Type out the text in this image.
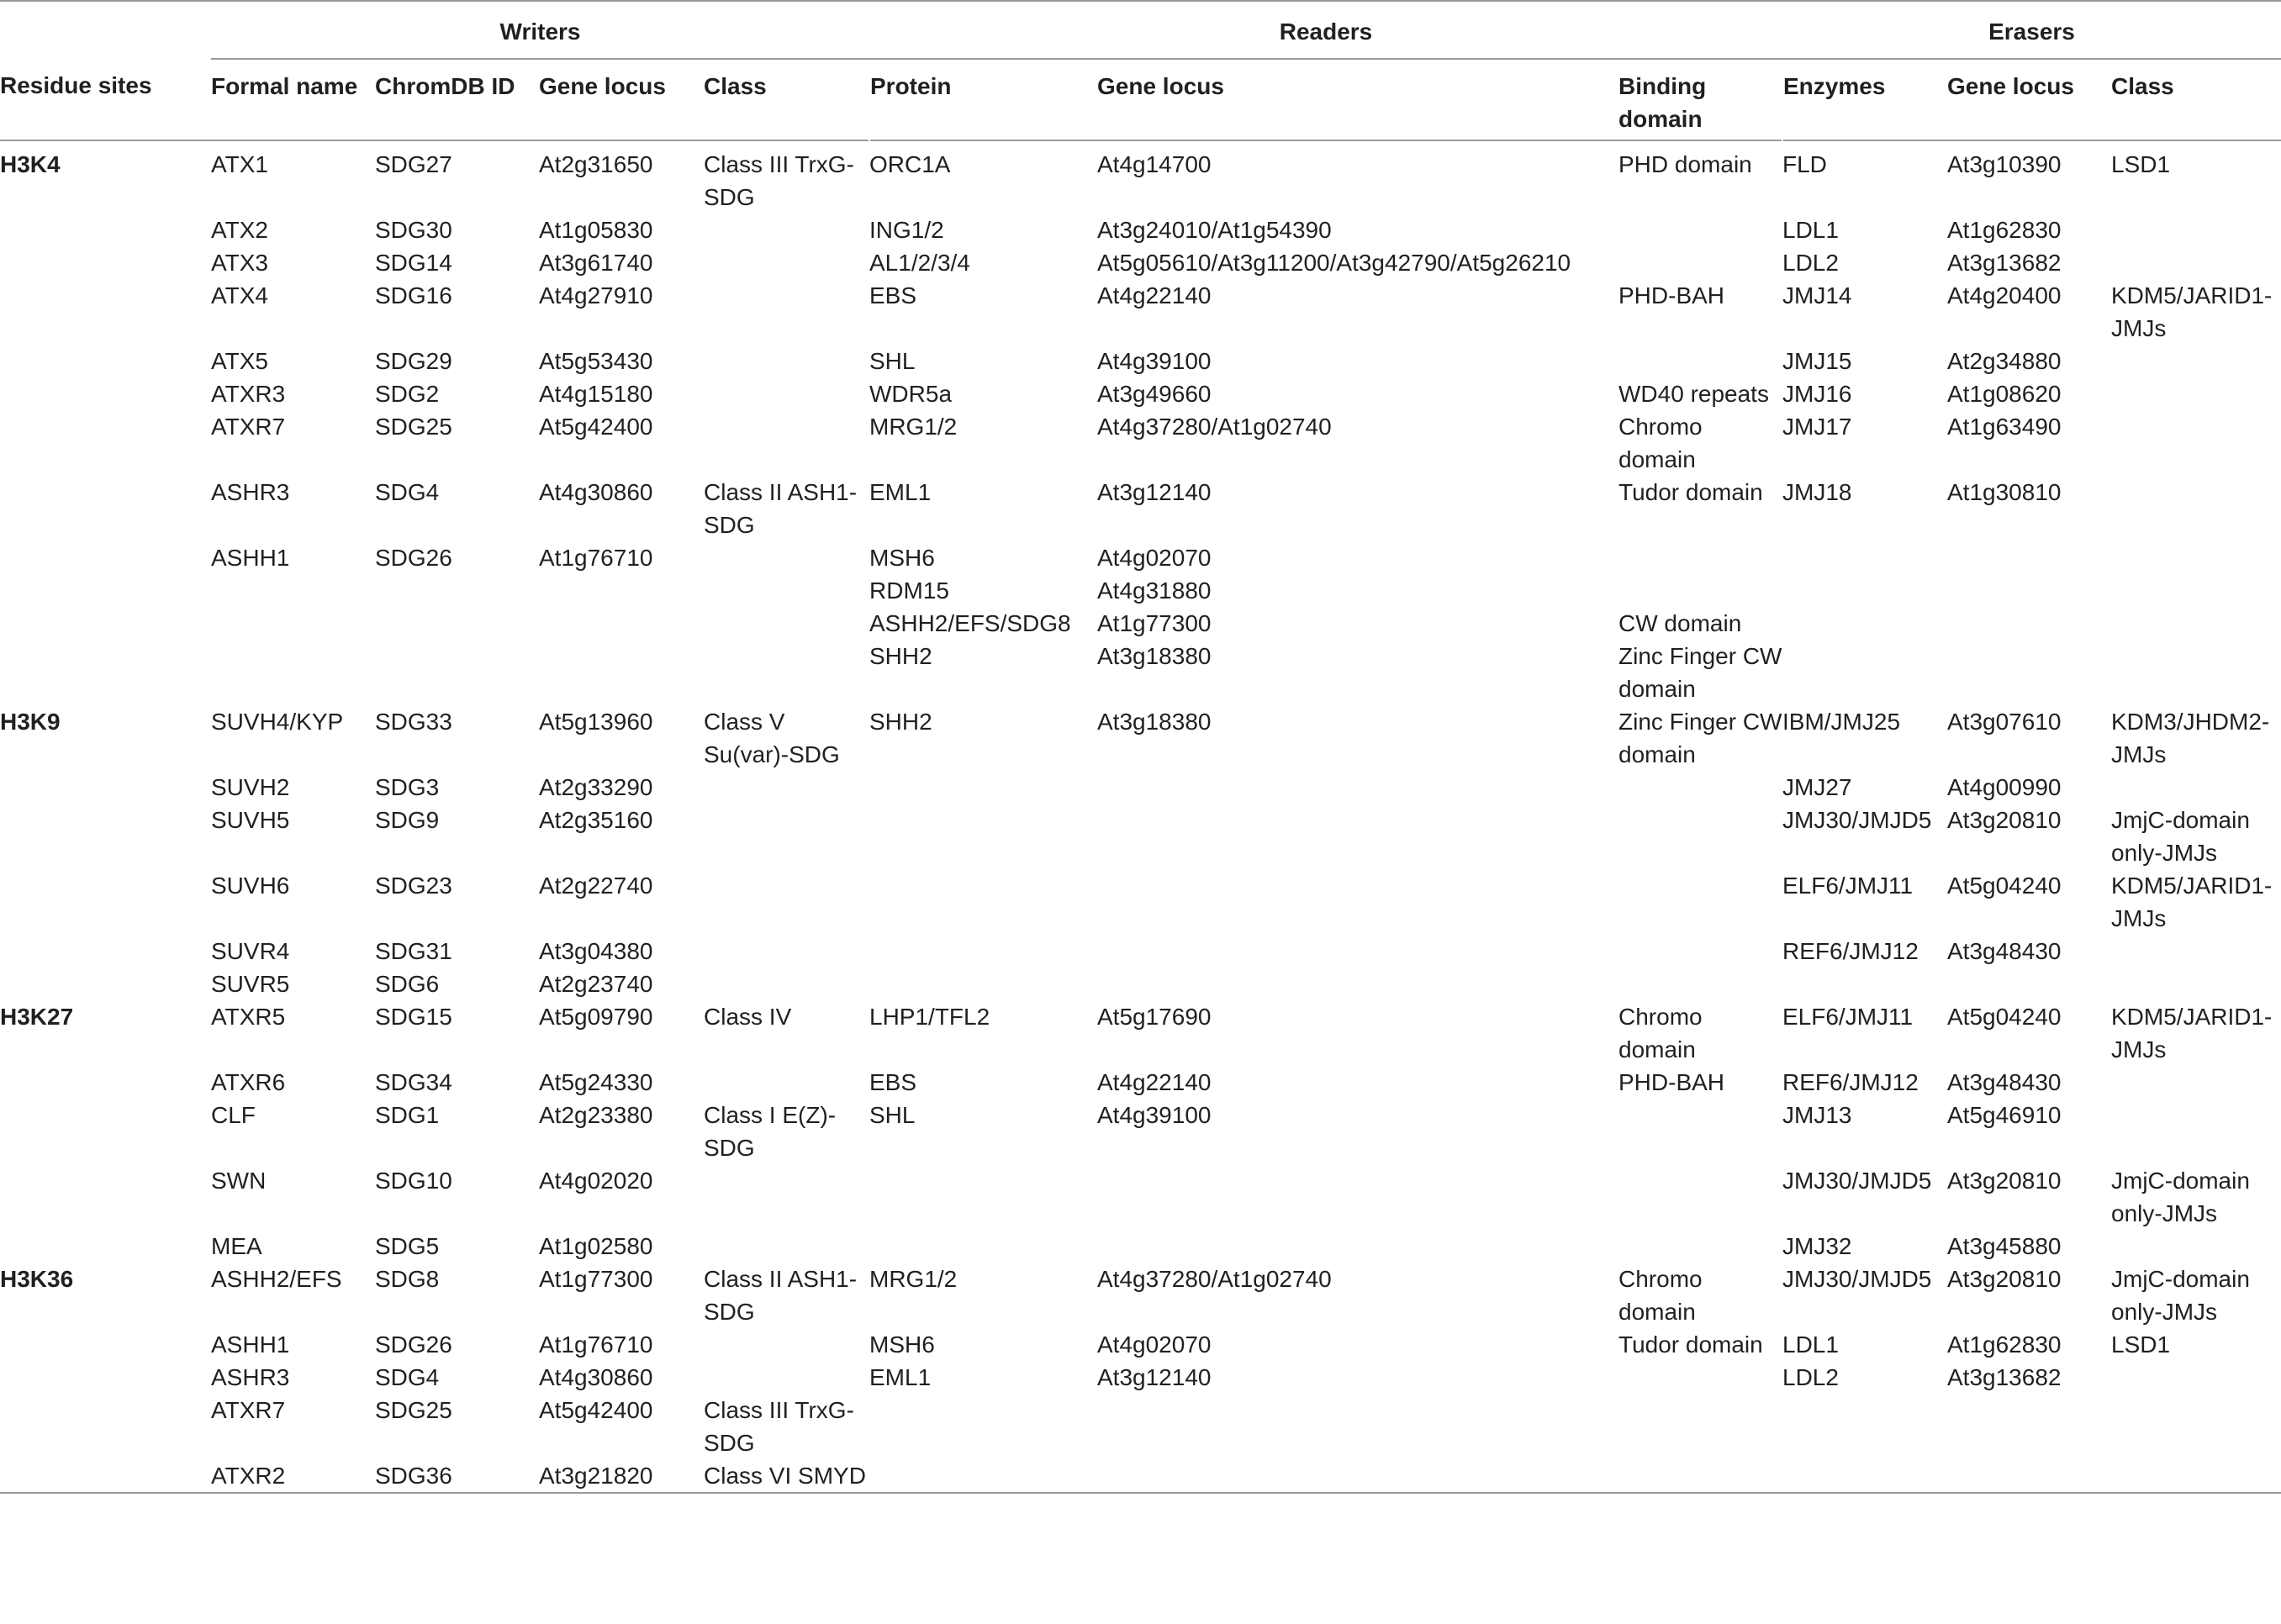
	Writers				Readers			Erasers		
Residue sites	Formal name	ChromDB ID	Gene locus	Class	Protein	Gene locus	Binding domain	Enzymes	Gene locus	Class
H3K4	ATX1	SDG27	At2g31650	Class III TrxG-SDG	ORC1A	At4g14700	PHD domain	FLD	At3g10390	LSD1
	ATX2	SDG30	At1g05830		ING1/2	At3g24010/At1g54390		LDL1	At1g62830	
	ATX3	SDG14	At3g61740		AL1/2/3/4	At5g05610/At3g11200/At3g42790/At5g26210		LDL2	At3g13682	
	ATX4	SDG16	At4g27910		EBS	At4g22140	PHD-BAH	JMJ14	At4g20400	KDM5/JARID1-JMJs
	ATX5	SDG29	At5g53430		SHL	At4g39100		JMJ15	At2g34880	
	ATXR3	SDG2	At4g15180		WDR5a	At3g49660	WD40 repeats	JMJ16	At1g08620	
	ATXR7	SDG25	At5g42400		MRG1/2	At4g37280/At1g02740	Chromo domain	JMJ17	At1g63490	
	ASHR3	SDG4	At4g30860	Class II ASH1-SDG	EML1	At3g12140	Tudor domain	JMJ18	At1g30810	
	ASHH1	SDG26	At1g76710		MSH6	At4g02070				
					RDM15	At4g31880				
					ASHH2/EFS/SDG8	At1g77300	CW domain			
					SHH2	At3g18380	Zinc Finger CW domain			
H3K9	SUVH4/KYP	SDG33	At5g13960	Class V Su(var)-SDG	SHH2	At3g18380	Zinc Finger CW domain	IBM/JMJ25	At3g07610	KDM3/JHDM2-JMJs
	SUVH2	SDG3	At2g33290					JMJ27	At4g00990	
	SUVH5	SDG9	At2g35160					JMJ30/JMJD5	At3g20810	JmjC-domain only-JMJs
	SUVH6	SDG23	At2g22740					ELF6/JMJ11	At5g04240	KDM5/JARID1-JMJs
	SUVR4	SDG31	At3g04380					REF6/JMJ12	At3g48430	
	SUVR5	SDG6	At2g23740							
H3K27	ATXR5	SDG15	At5g09790	Class IV	LHP1/TFL2	At5g17690	Chromo domain	ELF6/JMJ11	At5g04240	KDM5/JARID1-JMJs
	ATXR6	SDG34	At5g24330		EBS	At4g22140	PHD-BAH	REF6/JMJ12	At3g48430	
	CLF	SDG1	At2g23380	Class I E(Z)-SDG	SHL	At4g39100		JMJ13	At5g46910	
	SWN	SDG10	At4g02020					JMJ30/JMJD5	At3g20810	JmjC-domain only-JMJs
	MEA	SDG5	At1g02580					JMJ32	At3g45880	
H3K36	ASHH2/EFS	SDG8	At1g77300	Class II ASH1-SDG	MRG1/2	At4g37280/At1g02740	Chromo domain	JMJ30/JMJD5	At3g20810	JmjC-domain only-JMJs
	ASHH1	SDG26	At1g76710		MSH6	At4g02070	Tudor domain	LDL1	At1g62830	LSD1
	ASHR3	SDG4	At4g30860		EML1	At3g12140		LDL2	At3g13682	
	ATXR7	SDG25	At5g42400	Class III TrxG-SDG						
	ATXR2	SDG36	At3g21820	Class VI SMYD						
